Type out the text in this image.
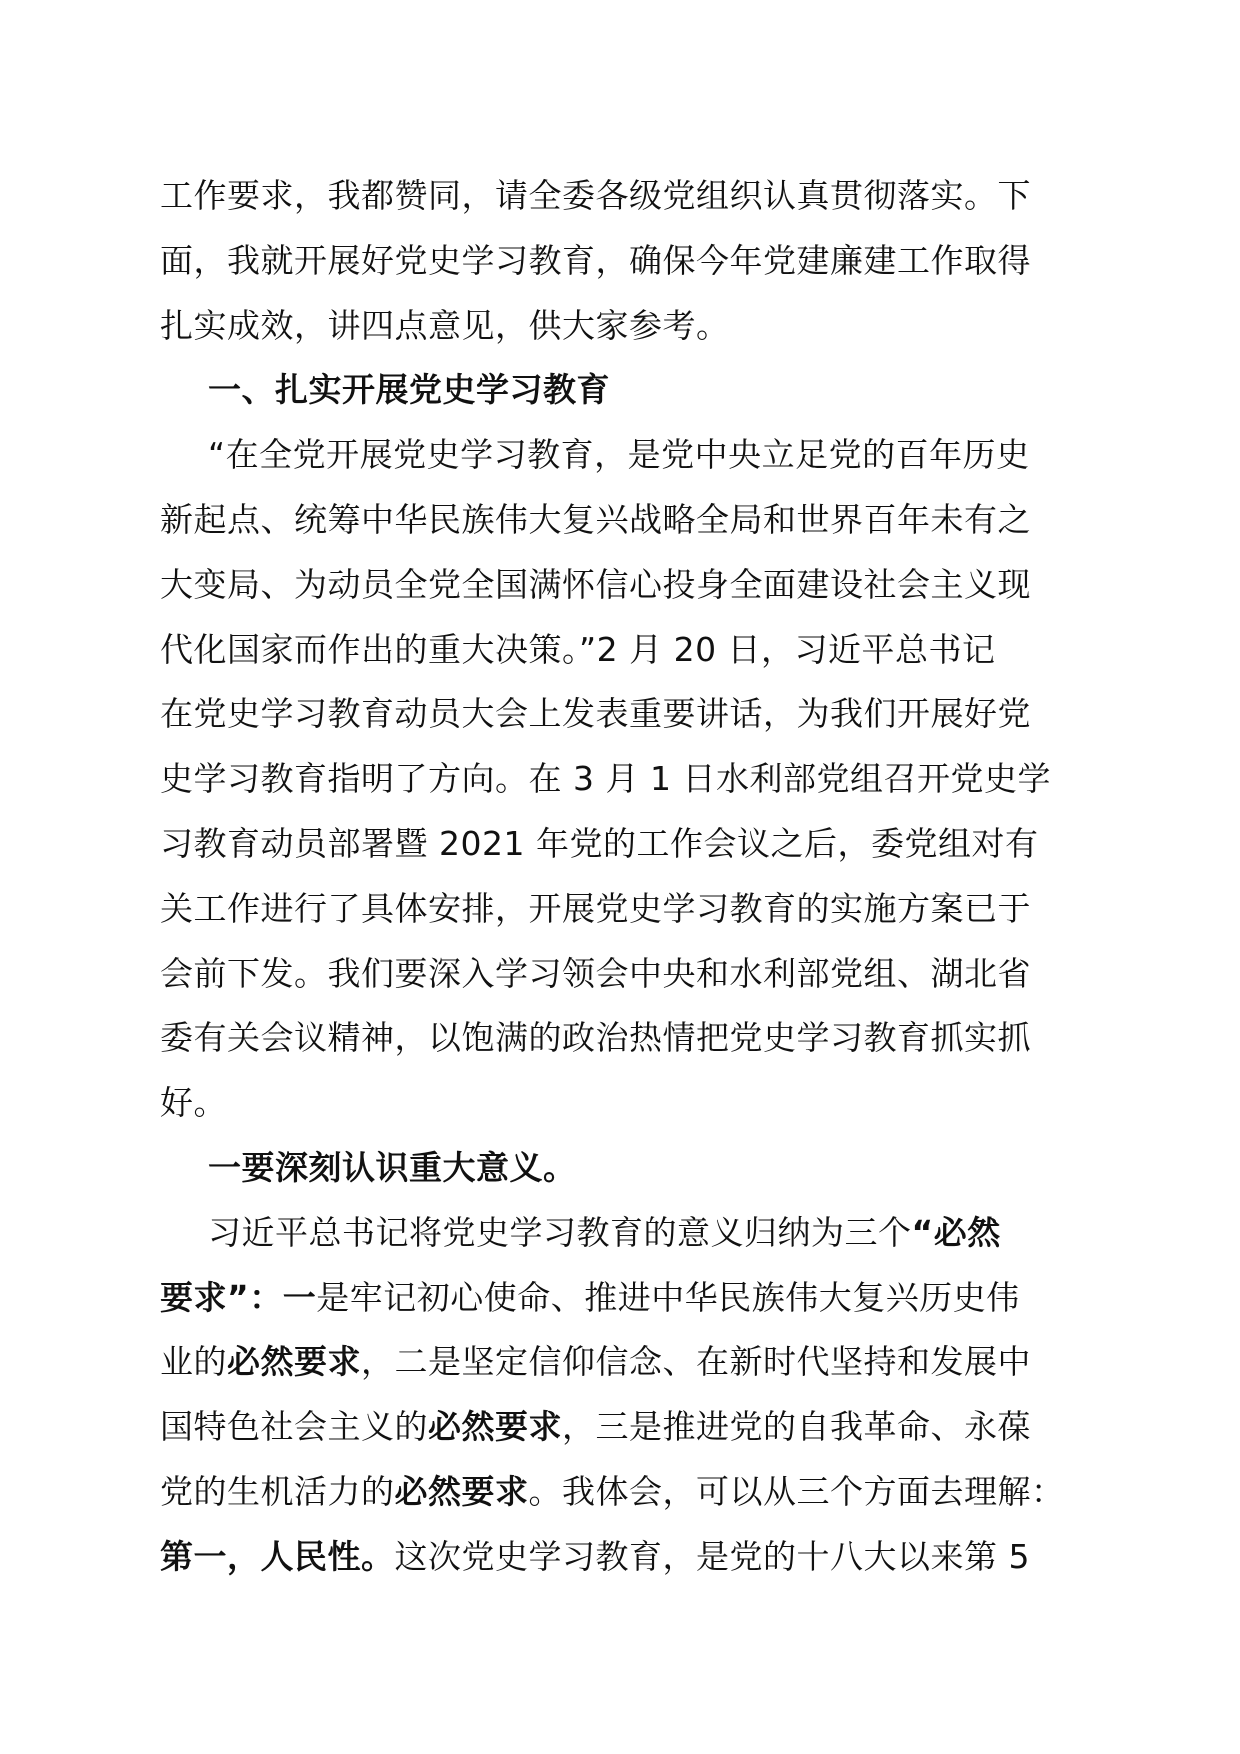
工作要求，我都赞同，请全委各级党组织认真贯彻落实。下
面，我就开展好党史学习教育，确保今年党建廉建工作取得
扎实成效，讲四点意见，供大家参考。
一、扎实开展党史学习教育
“在全党开展党史学习教育，是党中央立足党的百年历史
新起点、统筹中华民族伟大复兴战略全局和世界百年未有之
大变局、为动员全党全国满怀信心投身全面建设社会主义现
代化国家而作出的重大决策。”2 月 20 日，习近平总书记
在党史学习教育动员大会上发表重要讲话，为我们开展好党
史学习教育指明了方向。在 3 月 1 日水利部党组召开党史学
习教育动员部署暨 2021 年党的工作会议之后，委党组对有
关工作进行了具体安排，开展党史学习教育的实施方案已于
会前下发。我们要深入学习领会中央和水利部党组、湖北省
委有关会议精神，以饱满的政治热情把党史学习教育抓实抓
好。
一要深刻认识重大意义。
习近平总书记将党史学习教育的意义归纳为三个“必然
要求”：一是牢记初心使命、推进中华民族伟大复兴历史伟
业的必然要求，二是坚定信仰信念、在新时代坚持和发展中
国特色社会主义的必然要求，三是推进党的自我革命、永葆
党的生机活力的必然要求。我体会，可以从三个方面去理解：
第一，人民性。这次党史学习教育，是党的十八大以来第 5
